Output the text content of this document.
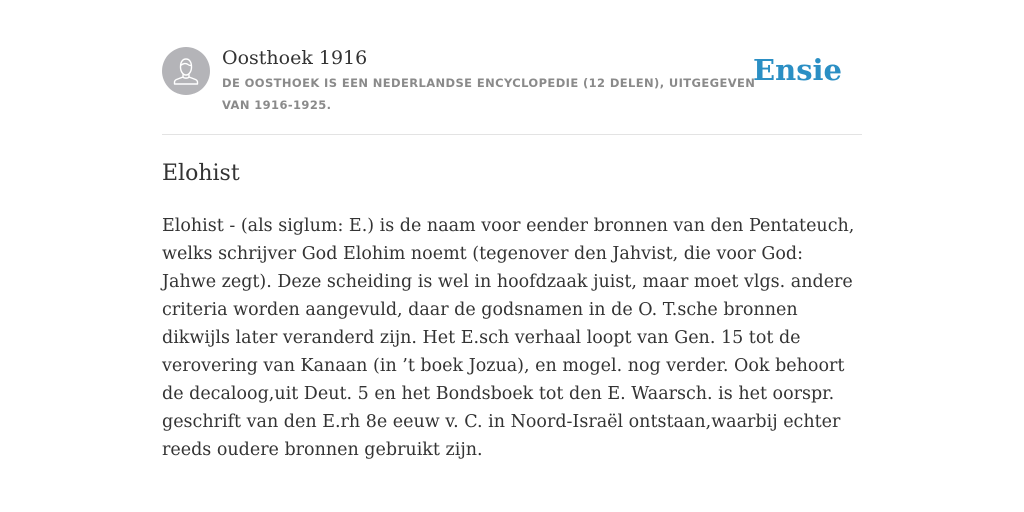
Oosthoek 1916
DE OOSTHOEK IS EEN NEDERLANDSE ENCYCLOPEDIE (12 DELEN), UITGEGEVEN VAN 1916-1925.
Ensie
Elohist

Elohist - (als siglum: E.) is de naam voor eender bronnen van den Pentateuch, welks schrijver God Elohim noemt (tegenover den Jahvist, die voor God: Jahwe zegt). Deze scheiding is wel in hoofdzaak juist, maar moet vlgs. andere criteria worden aangevuld, daar de godsnamen in de O. T.sche bronnen dikwijls later veranderd zijn. Het E.sch verhaal loopt van Gen. 15 tot de verovering van Kanaan (in ’t boek Jozua), en mogel. nog verder. Ook behoort de decaloog,uit Deut. 5 en het Bondsboek tot den E. Waarsch. is het oorspr. geschrift van den E.rh 8e eeuw v. C. in Noord-Israël ontstaan,waarbij echter reeds oudere bronnen gebruikt zijn.
